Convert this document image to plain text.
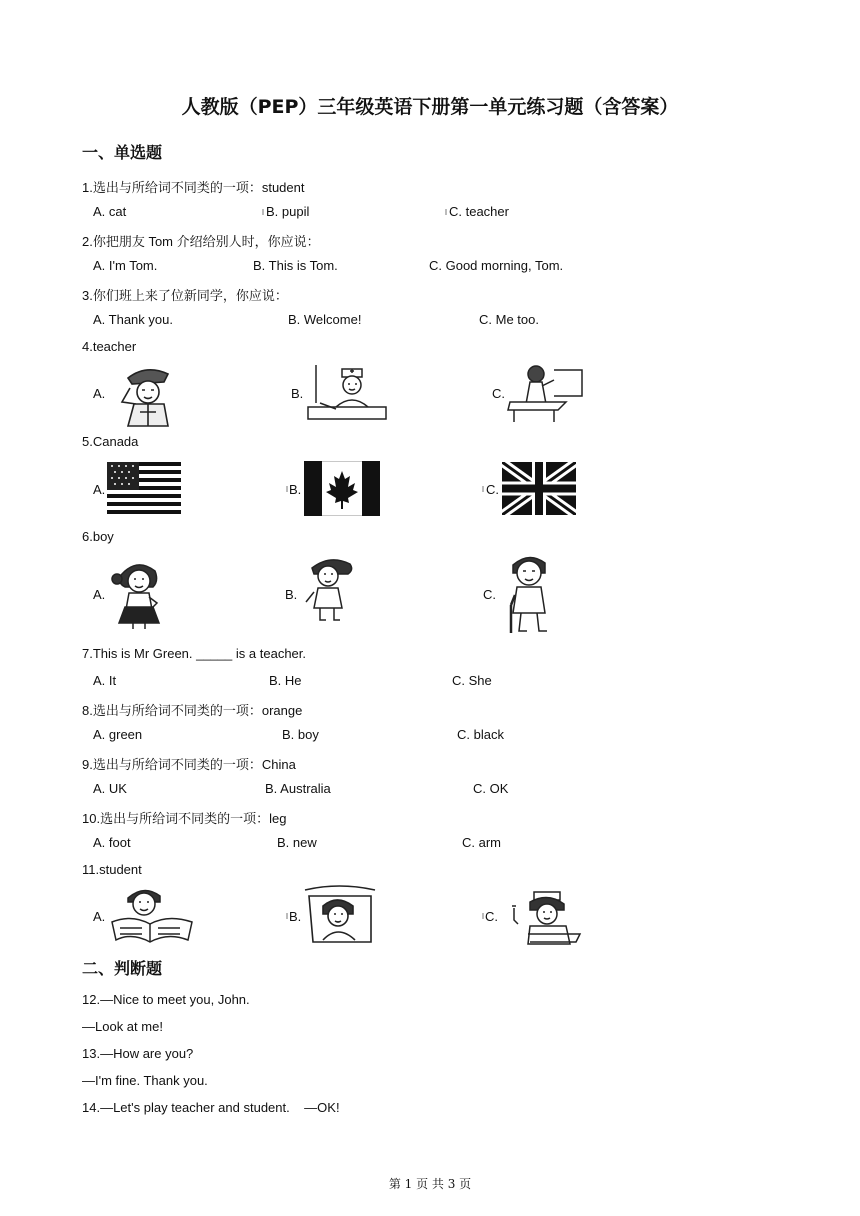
人教版（PEP）三年级英语下册第一单元练习题（含答案）
一、单选题
1.选出与所给词不同类的一项：student
A. cat	B. pupil	C. teacher
2.你把朋友 Tom 介绍给别人时，你应说：
A. I'm Tom.	B. This is Tom.	C. Good morning, Tom.
3.你们班上来了位新同学，你应说：
A. Thank you.	B. Welcome!	C. Me too.
4.teacher
A.	B.	C.
5.Canada
A.	B.	C.
6.boy
A.	B.	C.
7.This is Mr Green. _____ is a teacher.
A. It	B. He	C. She
8.选出与所给词不同类的一项：orange
A. green	B. boy	C. black
9.选出与所给词不同类的一项：China
A. UK	B. Australia	C. OK
10.选出与所给词不同类的一项：leg
A. foot	B. new	C. arm
11.student
A.	B.	C.
二、判断题
12.—Nice to meet you, John.
—Look at me!
13.—How are you?
—I'm fine. Thank you.
14.—Let's play teacher and student.    —OK!
第 1 页 共 3 页
